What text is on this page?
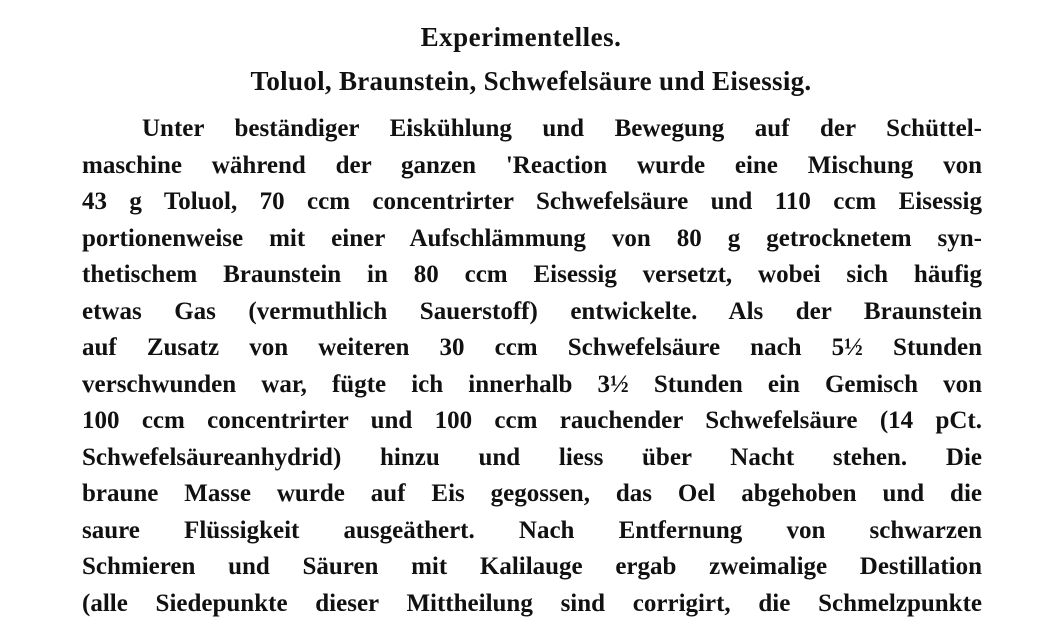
Experimentelles.
Toluol, Braunstein, Schwefelsäure und Eisessig.
Unter beständiger Eiskühlung und Bewegung auf der Schüttel-
maschine während der ganzen 'Reaction wurde eine Mischung von
43 g Toluol, 70 ccm concentrirter Schwefelsäure und 110 ccm Eisessig
portionenweise mit einer Aufschlämmung von 80 g getrocknetem syn-
thetischem Braunstein in 80 ccm Eisessig versetzt, wobei sich häufig
etwas Gas (vermuthlich Sauerstoff) entwickelte. Als der Braunstein
auf Zusatz von weiteren 30 ccm Schwefelsäure nach 5½ Stunden
verschwunden war, fügte ich innerhalb 3½ Stunden ein Gemisch von
100 ccm concentrirter und 100 ccm rauchender Schwefelsäure (14 pCt.
Schwefelsäureanhydrid) hinzu und liess über Nacht stehen. Die
braune Masse wurde auf Eis gegossen, das Oel abgehoben und die
saure Flüssigkeit ausgeäthert. Nach Entfernung von schwarzen
Schmieren und Säuren mit Kalilauge ergab zweimalige Destillation
(alle Siedepunkte dieser Mittheilung sind corrigirt, die Schmelzpunkte
